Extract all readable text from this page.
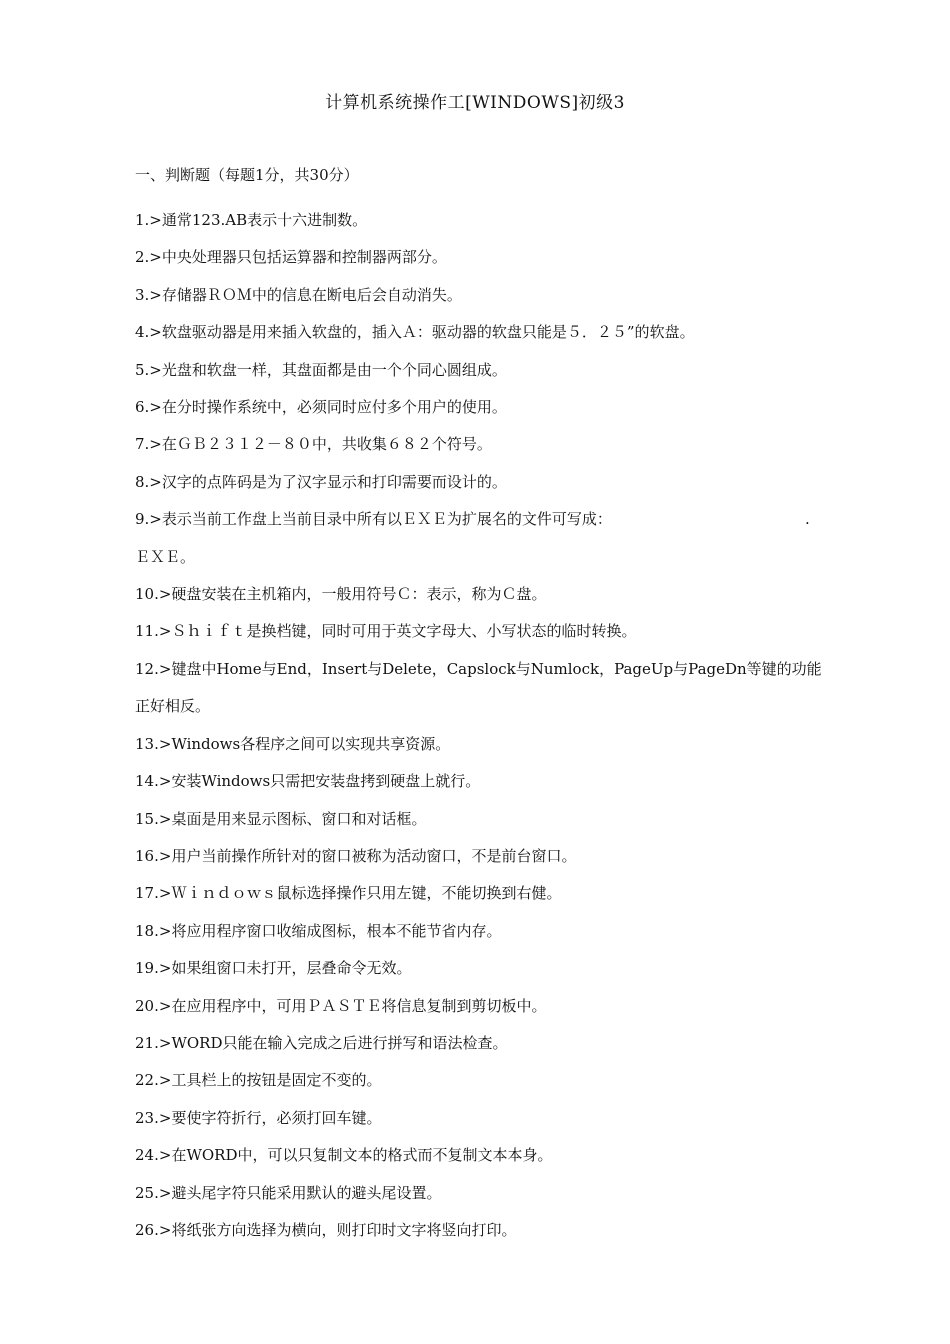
计算机系统操作工[WINDOWS]初级3
一、判断题（每题1分，共30分）
1.>通常123.AB表示十六进制数。
2.>中央处理器只包括运算器和控制器两部分。
3.>存储器ＲＯＭ中的信息在断电后会自动消失。
4.>软盘驱动器是用来插入软盘的，插入Ａ：驱动器的软盘只能是５．２５”的软盘。
5.>光盘和软盘一样，其盘面都是由一个个同心圆组成。
6.>在分时操作系统中，必须同时应付多个用户的使用。
7.>在ＧＢ２３１２－８０中，共收集６８２个符号。
8.>汉字的点阵码是为了汉字显示和打印需要而设计的。
9.>表示当前工作盘上当前目录中所有以ＥＸＥ为扩展名的文件可写成：	.
ＥＸＥ。
10.>硬盘安装在主机箱内，一般用符号Ｃ：表示，称为Ｃ盘。
11.>Ｓｈｉｆｔ是换档键，同时可用于英文字母大、小写状态的临时转换。
12.>键盘中Home与End，Insert与Delete，Capslock与Numlock，PageUp与PageDn等键的功能
正好相反。
13.>Windows各程序之间可以实现共享资源。
14.>安装Windows只需把安装盘拷到硬盘上就行。
15.>桌面是用来显示图标、窗口和对话框。
16.>用户当前操作所针对的窗口被称为活动窗口，不是前台窗口。
17.>Ｗｉｎｄｏｗｓ鼠标选择操作只用左键，不能切换到右健。
18.>将应用程序窗口收缩成图标，根本不能节省内存。
19.>如果组窗口未打开，层叠命令无效。
20.>在应用程序中，可用ＰＡＳＴＥ将信息复制到剪切板中。
21.>WORD只能在输入完成之后进行拼写和语法检查。
22.>工具栏上的按钮是固定不变的。
23.>要使字符折行，必须打回车键。
24.>在WORD中，可以只复制文本的格式而不复制文本本身。
25.>避头尾字符只能采用默认的避头尾设置。
26.>将纸张方向选择为横向，则打印时文字将竖向打印。
